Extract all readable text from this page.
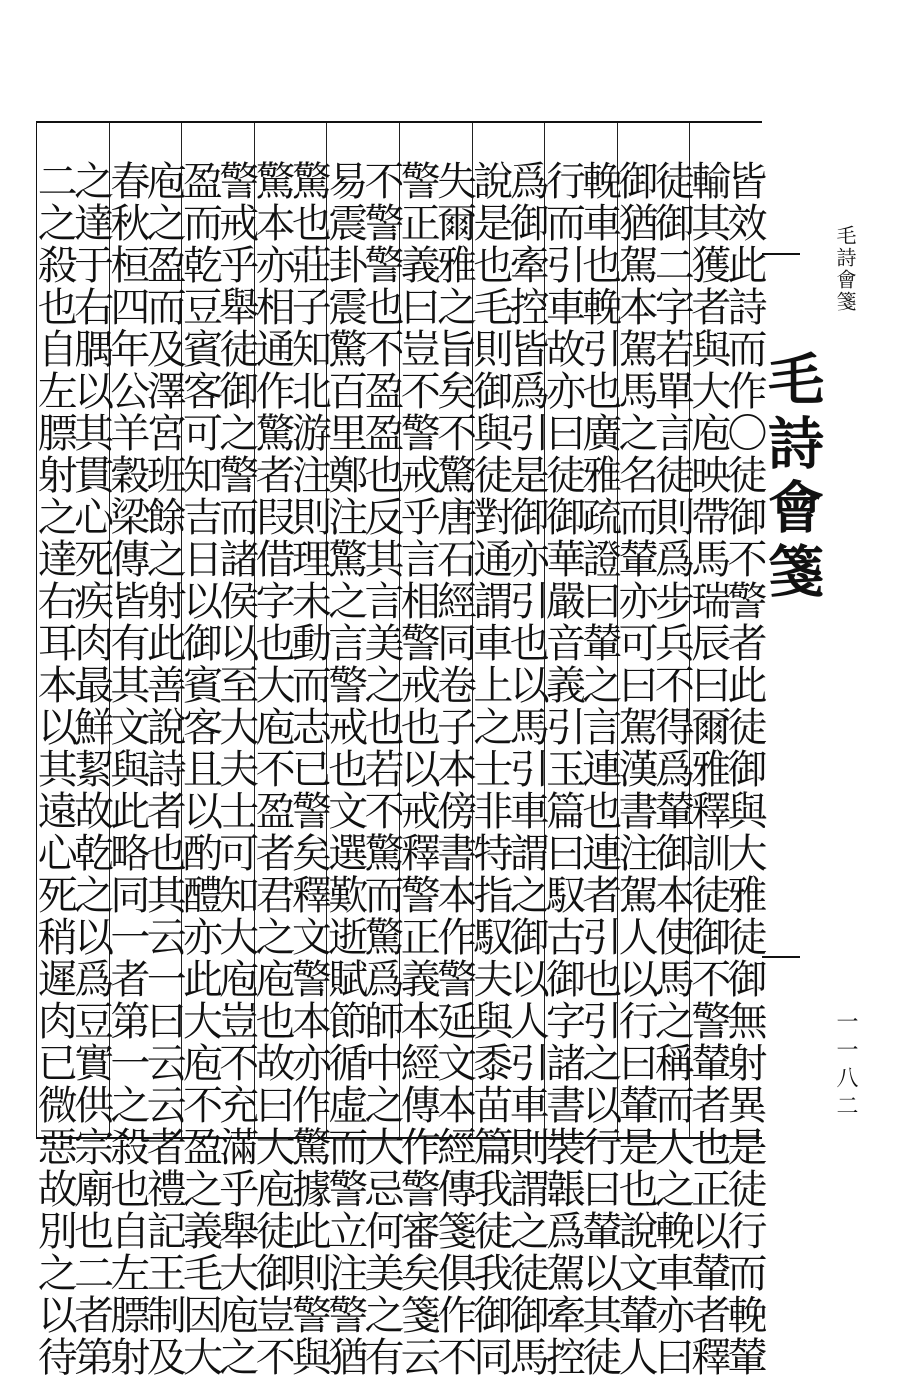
皆效此詩而作〇徒御不警者此徒御與大雅徒御無射異是徒行而輓輦
輸其獲者與大庖映帶馬瑞辰曰爾雅釋訓徒御不警輦者也正以輦者釋
徒御二字若單言徒則爲步兵不得爲輦御本使馬之稱而人之輓車亦曰
御猶駕本駕馬之名而輦亦可曰駕漢書注駕人以行曰輦是也說文輦人
輓車也輓引也廣雅疏證曰輦之言連也連者引也引之以行曰輦以其徒
行而引車故亦曰徒御華嚴音義引玉篇曰馭古御字諸書裝韔爲駕牽控
爲御牽控皆爲引是御亦引也以馬引車謂之御以人引車則謂之徒御馬
說是也毛則御與徒對通謂車上之士非特指馭夫與黍苗篇我徒我御同
失爾雅之旨矣不驚唐石經同卷子本傍書本作警延文本經傳箋俱作不
警正義曰豈不警戒乎言相警戒也以戒釋警正義本經傳作警審矣箋云
不警警也不盈盈也反其言美之也若不驚而驚爲師中之大忌何美之有
易震卦震驚百里鄭注驚之言警戒也文選歎逝賦節循虛而警立注警猶
驚也莊子知北游注則理未動而志已警矣釋文警本亦作驚據此則警與
驚本亦相通作驚者叚借字也大庖不盈者君之庖也故曰大庖徒御豈不
警戒乎舉徒御之警而諸侯以至大夫士可知大庖豈不充滿乎舉大庖之
盈而乾豆賓客可知吉日以御賓客且以酌醴亦此大庖不盈之義毛因大
庖之盈而及澤宮班餘之射此善說詩者也其云一曰云云者禮記王制及
春秋桓四年公羊穀梁傳皆有其文與此略同一者第一之殺也自左膘射
之達于右腢以其貫心死疾肉最鮮絜故乾之以爲豆實供宗廟也二者第
二之殺也自左膘射之達右耳本以其遠心死稍遲肉已微惡故別之以待	毛詩會箋
毛詩會箋
一一八二
